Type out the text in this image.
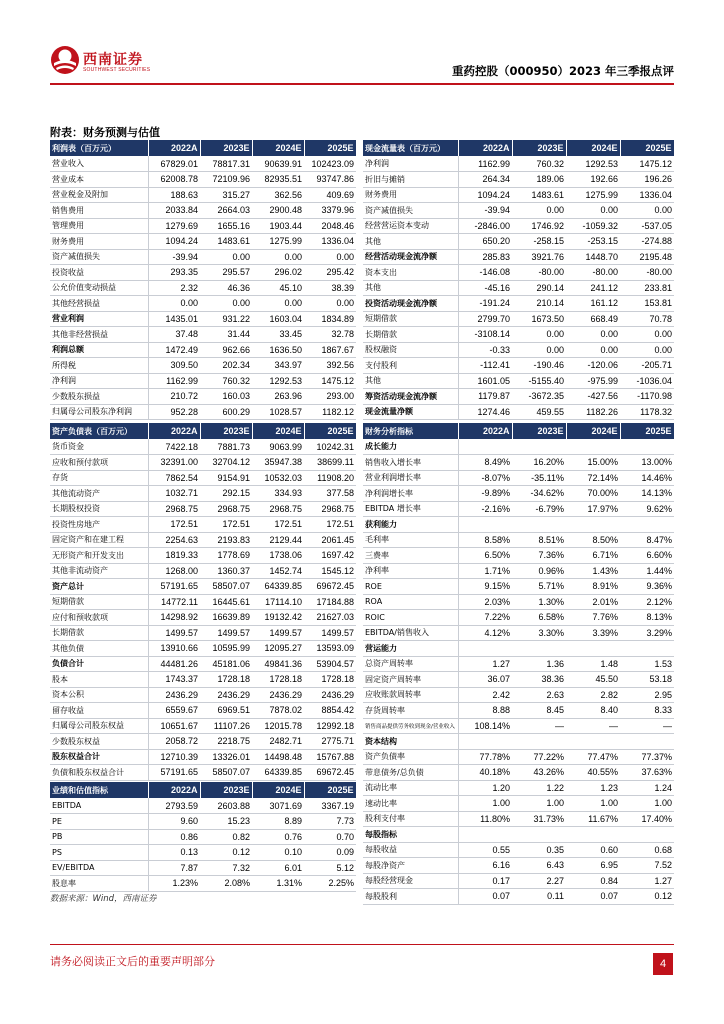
西南证券
SOUTHWEST SECURITIES	重药控股（000950）2023 年三季报点评
附表：财务预测与估值
利润表（百万元）	2022A	2023E	2024E	2025E
营业收入	67829.01	78817.31	90639.91	102423.09
营业成本	62008.78	72109.96	82935.51	93747.86
营业税金及附加	188.63	315.27	362.56	409.69
销售费用	2033.84	2664.03	2900.48	3379.96
管理费用	1279.69	1655.16	1903.44	2048.46
财务费用	1094.24	1483.61	1275.99	1336.04
资产减值损失	-39.94	0.00	0.00	0.00
投资收益	293.35	295.57	296.02	295.42
公允价值变动损益	2.32	46.36	45.10	38.39
其他经营损益	0.00	0.00	0.00	0.00
营业利润	1435.01	931.22	1603.04	1834.89
其他非经营损益	37.48	31.44	33.45	32.78
利润总额	1472.49	962.66	1636.50	1867.67
所得税	309.50	202.34	343.97	392.56
净利润	1162.99	760.32	1292.53	1475.12
少数股东损益	210.72	160.03	263.96	293.00
归属母公司股东净利润	952.28	600.29	1028.57	1182.12
现金流量表（百万元）	2022A	2023E	2024E	2025E
净利润	1162.99	760.32	1292.53	1475.12
折旧与摊销	264.34	189.06	192.66	196.26
财务费用	1094.24	1483.61	1275.99	1336.04
资产减值损失	-39.94	0.00	0.00	0.00
经营营运资本变动	-2846.00	1746.92	-1059.32	-537.05
其他	650.20	-258.15	-253.15	-274.88
经营活动现金流净额	285.83	3921.76	1448.70	2195.48
资本支出	-146.08	-80.00	-80.00	-80.00
其他	-45.16	290.14	241.12	233.81
投资活动现金流净额	-191.24	210.14	161.12	153.81
短期借款	2799.70	1673.50	668.49	70.78
长期借款	-3108.14	0.00	0.00	0.00
股权融资	-0.33	0.00	0.00	0.00
支付股利	-112.41	-190.46	-120.06	-205.71
其他	1601.05	-5155.40	-975.99	-1036.04
筹资活动现金流净额	1179.87	-3672.35	-427.56	-1170.98
现金流量净额	1274.46	459.55	1182.26	1178.32
资产负债表（百万元）	2022A	2023E	2024E	2025E
货币资金	7422.18	7881.73	9063.99	10242.31
应收和预付款项	32391.00	32704.12	35947.38	38699.11
存货	7862.54	9154.91	10532.03	11908.20
其他流动资产	1032.71	292.15	334.93	377.58
长期股权投资	2968.75	2968.75	2968.75	2968.75
投资性房地产	172.51	172.51	172.51	172.51
固定资产和在建工程	2254.63	2193.83	2129.44	2061.45
无形资产和开发支出	1819.33	1778.69	1738.06	1697.42
其他非流动资产	1268.00	1360.37	1452.74	1545.12
资产总计	57191.65	58507.07	64339.85	69672.45
短期借款	14772.11	16445.61	17114.10	17184.88
应付和预收款项	14298.92	16639.89	19132.42	21627.03
长期借款	1499.57	1499.57	1499.57	1499.57
其他负债	13910.66	10595.99	12095.27	13593.09
负债合计	44481.26	45181.06	49841.36	53904.57
股本	1743.37	1728.18	1728.18	1728.18
资本公积	2436.29	2436.29	2436.29	2436.29
留存收益	6559.67	6969.51	7878.02	8854.42
归属母公司股东权益	10651.67	11107.26	12015.78	12992.18
少数股东权益	2058.72	2218.75	2482.71	2775.71
股东权益合计	12710.39	13326.01	14498.48	15767.88
负债和股东权益合计	57191.65	58507.07	64339.85	69672.45
财务分析指标	2022A	2023E	2024E	2025E
成长能力				
销售收入增长率	8.49%	16.20%	15.00%	13.00%
营业利润增长率	-8.07%	-35.11%	72.14%	14.46%
净利润增长率	-9.89%	-34.62%	70.00%	14.13%
EBITDA 增长率	-2.16%	-6.79%	17.97%	9.62%
获利能力				
毛利率	8.58%	8.51%	8.50%	8.47%
三费率	6.50%	7.36%	6.71%	6.60%
净利率	1.71%	0.96%	1.43%	1.44%
ROE	9.15%	5.71%	8.91%	9.36%
ROA	2.03%	1.30%	2.01%	2.12%
ROIC	7.22%	6.58%	7.76%	8.13%
EBITDA/销售收入	4.12%	3.30%	3.39%	3.29%
营运能力				
总资产周转率	1.27	1.36	1.48	1.53
固定资产周转率	36.07	38.36	45.50	53.18
应收账款周转率	2.42	2.63	2.82	2.95
存货周转率	8.88	8.45	8.40	8.33
销售商品提供劳务收到现金/营业收入	108.14%	—	—	—
资本结构				
资产负债率	77.78%	77.22%	77.47%	77.37%
带息债务/总负债	40.18%	43.26%	40.55%	37.63%
流动比率	1.20	1.22	1.23	1.24
速动比率	1.00	1.00	1.00	1.00
股利支付率	11.80%	31.73%	11.67%	17.40%
每股指标				
每股收益	0.55	0.35	0.60	0.68
每股净资产	6.16	6.43	6.95	7.52
每股经营现金	0.17	2.27	0.84	1.27
每股股利	0.07	0.11	0.07	0.12
业绩和估值指标	2022A	2023E	2024E	2025E
EBITDA	2793.59	2603.88	3071.69	3367.19
PE	9.60	15.23	8.89	7.73
PB	0.86	0.82	0.76	0.70
PS	0.13	0.12	0.10	0.09
EV/EBITDA	7.87	7.32	6.01	5.12
股息率	1.23%	2.08%	1.31%	2.25%
数据来源：Wind，西南证券
请务必阅读正文后的重要声明部分	4
